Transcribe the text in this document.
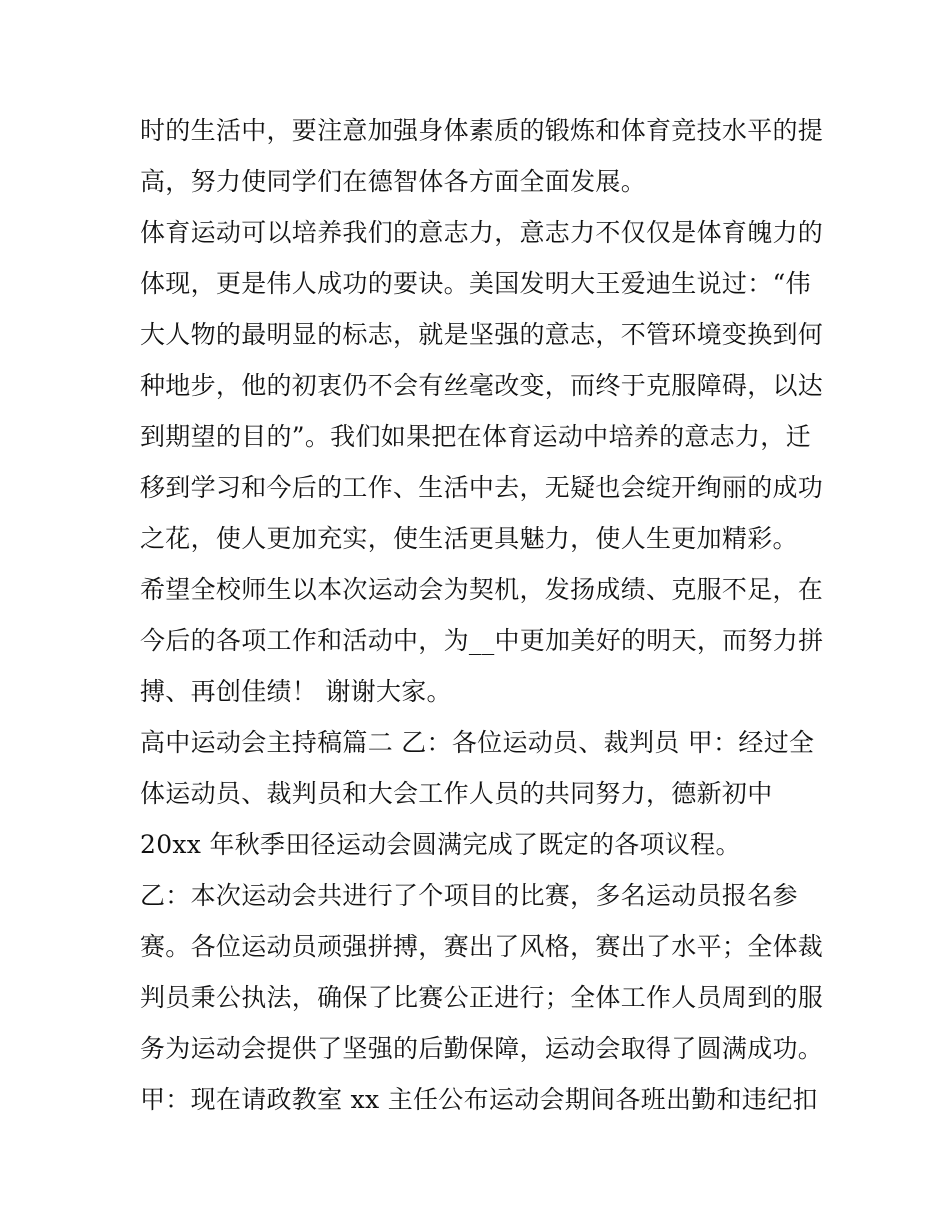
时的生活中，要注意加强身体素质的锻炼和体育竞技水平的提
高，努力使同学们在德智体各方面全面发展。
体育运动可以培养我们的意志力，意志力不仅仅是体育魄力的
体现，更是伟人成功的要诀。美国发明大王爱迪生说过：“伟
大人物的最明显的标志，就是坚强的意志，不管环境变换到何
种地步，他的初衷仍不会有丝毫改变，而终于克服障碍，以达
到期望的目的”。我们如果把在体育运动中培养的意志力，迁
移到学习和今后的工作、生活中去，无疑也会绽开绚丽的成功
之花，使人更加充实，使生活更具魅力，使人生更加精彩。
希望全校师生以本次运动会为契机，发扬成绩、克服不足，在
今后的各项工作和活动中，为__中更加美好的明天，而努力拼
搏、再创佳绩！ 谢谢大家。
高中运动会主持稿篇二 乙：各位运动员、裁判员 甲：经过全
体运动员、裁判员和大会工作人员的共同努力，德新初中
20xx 年秋季田径运动会圆满完成了既定的各项议程。
乙：本次运动会共进行了个项目的比赛，多名运动员报名参
赛。各位运动员顽强拼搏，赛出了风格，赛出了水平；全体裁
判员秉公执法，确保了比赛公正进行；全体工作人员周到的服
务为运动会提供了坚强的后勤保障，运动会取得了圆满成功。
甲：现在请政教室 xx 主任公布运动会期间各班出勤和违纪扣
